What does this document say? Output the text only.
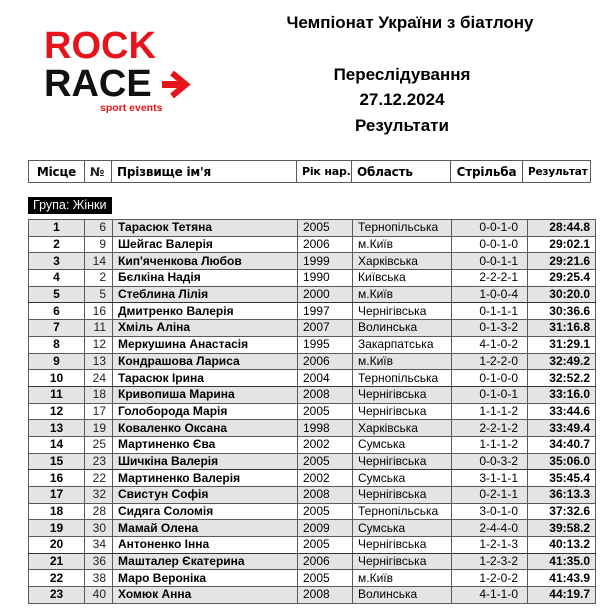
ROCK
RACE
sport events
Чемпіонат України з біатлону
Переслідування
27.12.2024
Результати
Місце	№	Прізвище ім'я	Рік нар.	Область	Стрільба	Результат
Група: Жінки
1	6	Тарасюк Тетяна	2005	Тернопільська	0-0-1-0	28:44.8
2	9	Шейгас Валерія	2006	м.Київ	0-0-1-0	29:02.1
3	14	Кип'яченкова Любов	1999	Харківська	0-0-1-1	29:21.6
4	2	Бєлкіна Надія	1990	Київська	2-2-2-1	29:25.4
5	5	Стеблина Лілія	2000	м.Київ	1-0-0-4	30:20.0
6	16	Дмитренко Валерія	1997	Чернігівська	0-1-1-1	30:36.6
7	11	Хміль Аліна	2007	Волинська	0-1-3-2	31:16.8
8	12	Меркушина Анастасія	1995	Закарпатська	4-1-0-2	31:29.1
9	13	Кондрашова Лариса	2006	м.Київ	1-2-2-0	32:49.2
10	24	Тарасюк Ірина	2004	Тернопільська	0-1-0-0	32:52.2
11	18	Кривопиша Марина	2008	Чернігівська	0-1-0-1	33:16.0
12	17	Голоборода Марія	2005	Чернігівська	1-1-1-2	33:44.6
13	19	Коваленко Оксана	1998	Харківська	2-2-1-2	33:49.4
14	25	Мартиненко Єва	2002	Сумська	1-1-1-2	34:40.7
15	23	Шичкіна Валерія	2005	Чернігівська	0-0-3-2	35:06.0
16	22	Мартиненко Валерія	2002	Сумська	3-1-1-1	35:45.4
17	32	Свистун Софія	2008	Чернігівська	0-2-1-1	36:13.3
18	28	Сидяга Соломія	2005	Тернопільська	3-0-1-0	37:32.6
19	30	Мамай Олена	2009	Сумська	2-4-4-0	39:58.2
20	34	Антоненко Інна	2005	Чернігівська	1-2-1-3	40:13.2
21	36	Машталер Єкатерина	2006	Чернігівська	1-2-3-2	41:35.0
22	38	Маро Вероніка	2005	м.Київ	1-2-0-2	41:43.9
23	40	Хомюк Анна	2008	Волинська	4-1-1-0	44:19.7
